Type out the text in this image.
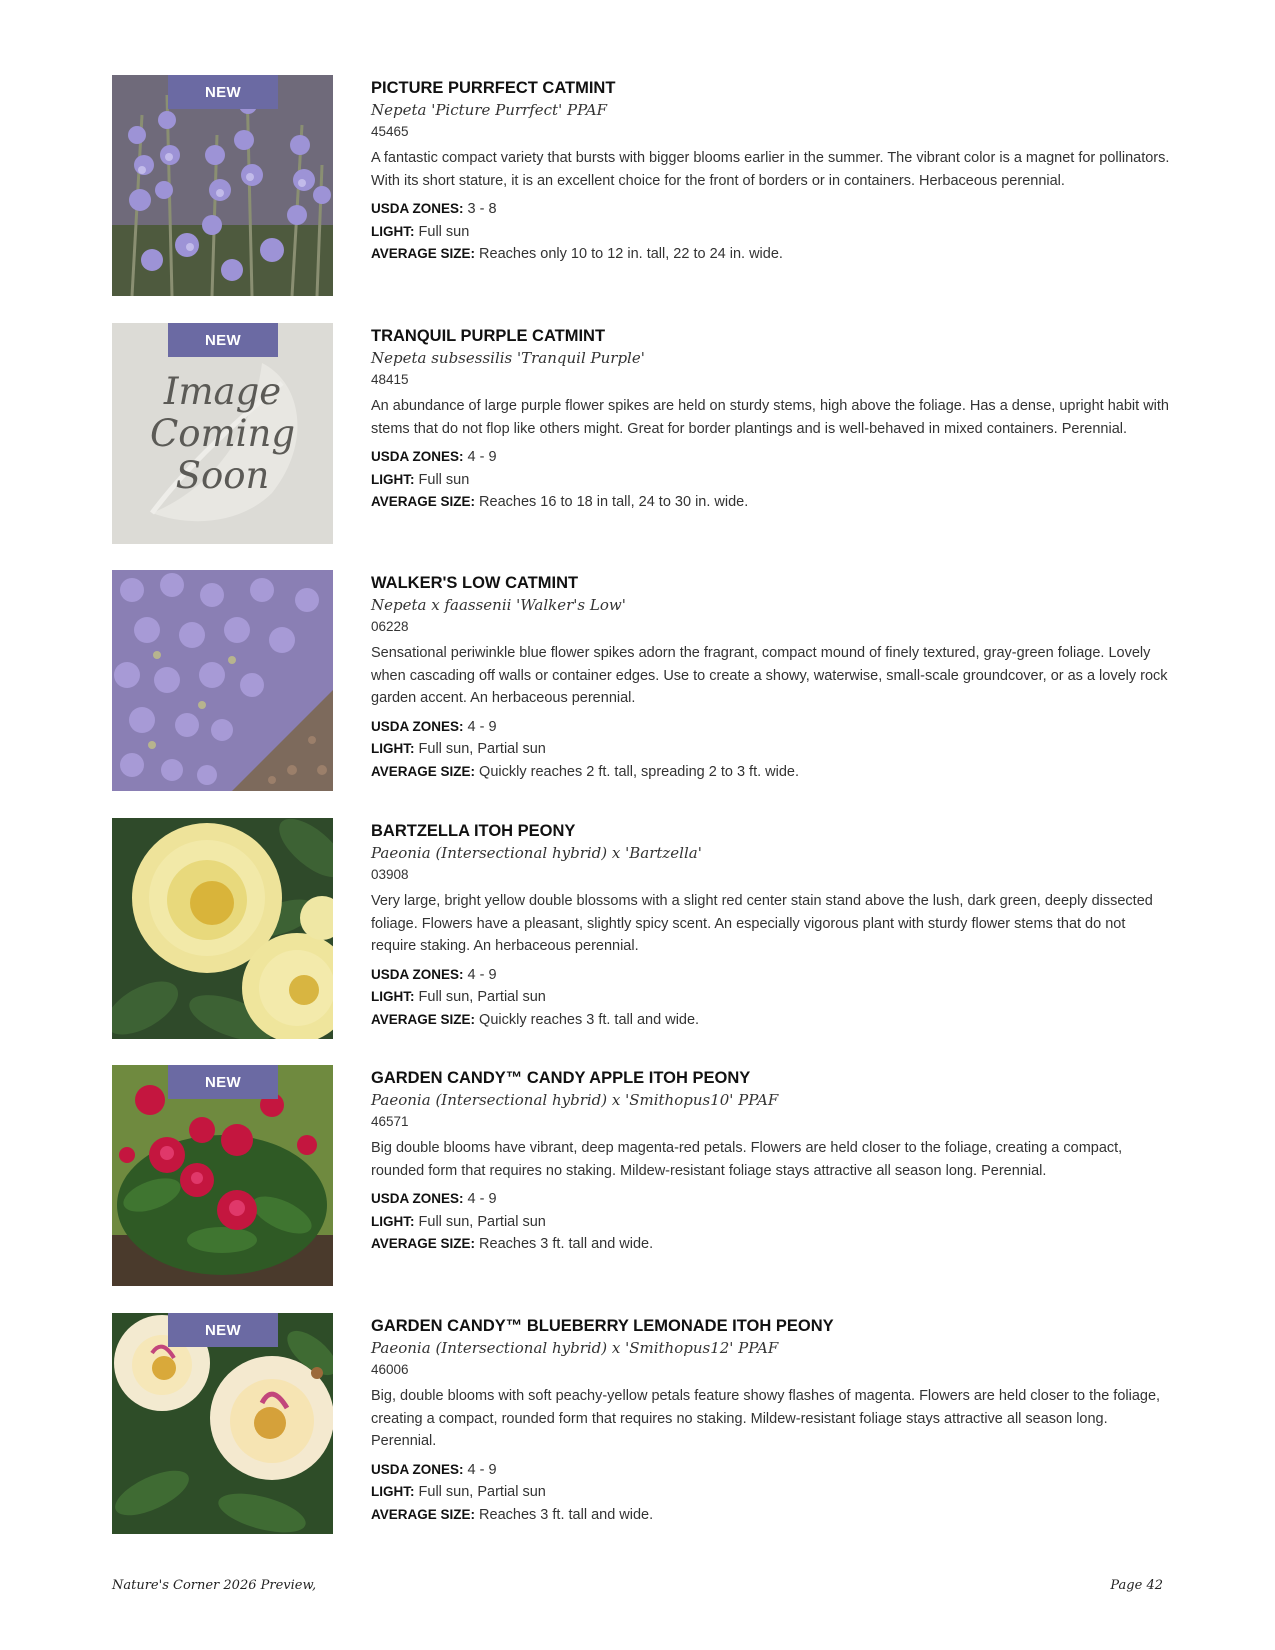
NEW	PICTURE PURRFECT CATMINT
Nepeta 'Picture Purrfect' PPAF
45465
A fantastic compact variety that bursts with bigger blooms earlier in the summer. The vibrant color is a magnet for pollinators. With its short stature, it is an excellent choice for the front of borders or in containers. Herbaceous perennial.
USDA ZONES: 3 - 8
LIGHT: Full sun
AVERAGE SIZE: Reaches only 10 to 12 in. tall, 22 to 24 in. wide.
Image
Coming
Soon
NEW	TRANQUIL PURPLE CATMINT
Nepeta subsessilis 'Tranquil Purple'
48415
An abundance of large purple flower spikes are held on sturdy stems, high above the foliage. Has a dense, upright habit with stems that do not flop like others might. Great for border plantings and is well-behaved in mixed containers. Perennial.
USDA ZONES: 4 - 9
LIGHT: Full sun
AVERAGE SIZE: Reaches 16 to 18 in tall, 24 to 30 in. wide.
WALKER'S LOW CATMINT
Nepeta x faassenii 'Walker's Low'
06228
Sensational periwinkle blue flower spikes adorn the fragrant, compact mound of finely textured, gray-green foliage. Lovely when cascading off walls or container edges. Use to create a showy, waterwise, small-scale groundcover, or as a lovely rock garden accent. An herbaceous perennial.
USDA ZONES: 4 - 9
LIGHT: Full sun, Partial sun
AVERAGE SIZE: Quickly reaches 2 ft. tall, spreading 2 to 3 ft. wide.
BARTZELLA ITOH PEONY
Paeonia (Intersectional hybrid) x 'Bartzella'
03908
Very large, bright yellow double blossoms with a slight red center stain stand above the lush, dark green, deeply dissected foliage. Flowers have a pleasant, slightly spicy scent. An especially vigorous plant with sturdy flower stems that do not require staking. An herbaceous perennial.
USDA ZONES: 4 - 9
LIGHT: Full sun, Partial sun
AVERAGE SIZE: Quickly reaches 3 ft. tall and wide.
NEW	GARDEN CANDY™ CANDY APPLE ITOH PEONY
Paeonia (Intersectional hybrid) x 'Smithopus10' PPAF
46571
Big double blooms have vibrant, deep magenta-red petals. Flowers are held closer to the foliage, creating a compact, rounded form that requires no staking. Mildew-resistant foliage stays attractive all season long. Perennial.
USDA ZONES: 4 - 9
LIGHT: Full sun, Partial sun
AVERAGE SIZE: Reaches 3 ft. tall and wide.
NEW	GARDEN CANDY™ BLUEBERRY LEMONADE ITOH PEONY
Paeonia (Intersectional hybrid) x 'Smithopus12' PPAF
46006
Big, double blooms with soft peachy-yellow petals feature showy flashes of magenta. Flowers are held closer to the foliage, creating a compact, rounded form that requires no staking. Mildew-resistant foliage stays attractive all season long. Perennial.
USDA ZONES: 4 - 9
LIGHT: Full sun, Partial sun
AVERAGE SIZE: Reaches 3 ft. tall and wide.
Nature's Corner 2026 Preview,	Page 42
